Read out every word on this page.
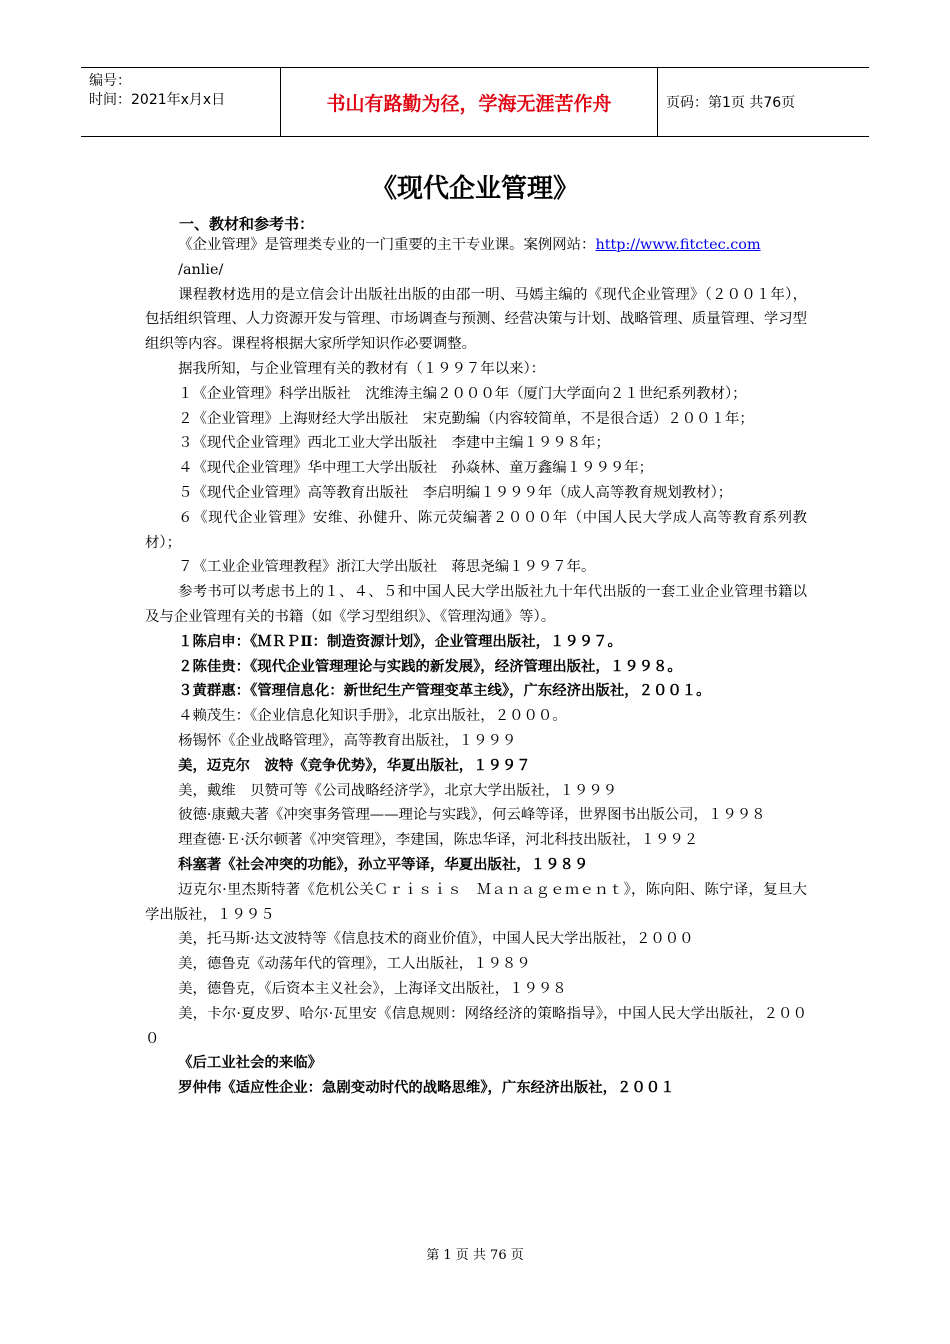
编号：
时间：2021年x月x日	书山有路勤为径，学海无涯苦作舟	页码：第1页 共76页
《现代企业管理》
一、教材和参考书：

《企业管理》是管理类专业的一门重要的主干专业课。案例网站：http://www.fitctec.com

/anlie/

课程教材选用的是立信会计出版社出版的由邵一明、马嫣主编的《现代企业管理》（２００１年），包括组织管理、人力资源开发与管理、市场调查与预测、经营决策与计划、战略管理、质量管理、学习型组织等内容。课程将根据大家所学知识作必要调整。

据我所知，与企业管理有关的教材有（１９９７年以来）：

１《企业管理》科学出版社　沈维涛主编２０００年（厦门大学面向２１世纪系列教材）；

２《企业管理》上海财经大学出版社　宋克勤编（内容较简单，不是很合适）２００１年；

３《现代企业管理》西北工业大学出版社　李建中主编１９９８年；

４《现代企业管理》华中理工大学出版社　孙焱林、童万鑫编１９９９年；

５《现代企业管理》高等教育出版社　李启明编１９９９年（成人高等教育规划教材）；

６《现代企业管理》安维、孙健升、陈元荧编著２０００年（中国人民大学成人高等教育系列教材）；

７《工业企业管理教程》浙江大学出版社　蒋思尧编１９９７年。

参考书可以考虑书上的１、４、５和中国人民大学出版社九十年代出版的一套工业企业管理书籍以及与企业管理有关的书籍（如《学习型组织》、《管理沟通》等）。

１陈启申：《ＭＲＰⅡ：制造资源计划》，企业管理出版社，１９９７。

２陈佳贵：《现代企业管理理论与实践的新发展》，经济管理出版社，１９９８。

３黄群惠：《管理信息化：新世纪生产管理变革主线》，广东经济出版社，２００１。

４赖茂生：《企业信息化知识手册》，北京出版社，２０００。

杨锡怀《企业战略管理》，高等教育出版社，１９９９

美，迈克尔　波特《竞争优势》，华夏出版社，１９９７

美，戴维　贝赞可等《公司战略经济学》，北京大学出版社，１９９９

彼德·康戴夫著《冲突事务管理——理论与实践》，何云峰等译，世界图书出版公司，１９９８

理查德·Ｅ·沃尔顿著《冲突管理》，李建国，陈忠华译，河北科技出版社，１９９２

科塞著《社会冲突的功能》，孙立平等译，华夏出版社，１９８９

迈克尔·里杰斯特著《危机公关Ｃｒｉｓｉｓ　Ｍａｎａｇｅｍｅｎｔ》，陈向阳、陈宁译，复旦大学出版社，１９９５

美，托马斯·达文波特等《信息技术的商业价值》，中国人民大学出版社，２０００

美，德鲁克《动荡年代的管理》，工人出版社，１９８９

美，德鲁克，《后资本主义社会》，上海译文出版社，１９９８

美，卡尔·夏皮罗、哈尔·瓦里安《信息规则：网络经济的策略指导》，中国人民大学出版社，２０００

《后工业社会的来临》

罗仲伟《适应性企业：急剧变动时代的战略思维》，广东经济出版社，２００１

第 1 页 共 76 页
